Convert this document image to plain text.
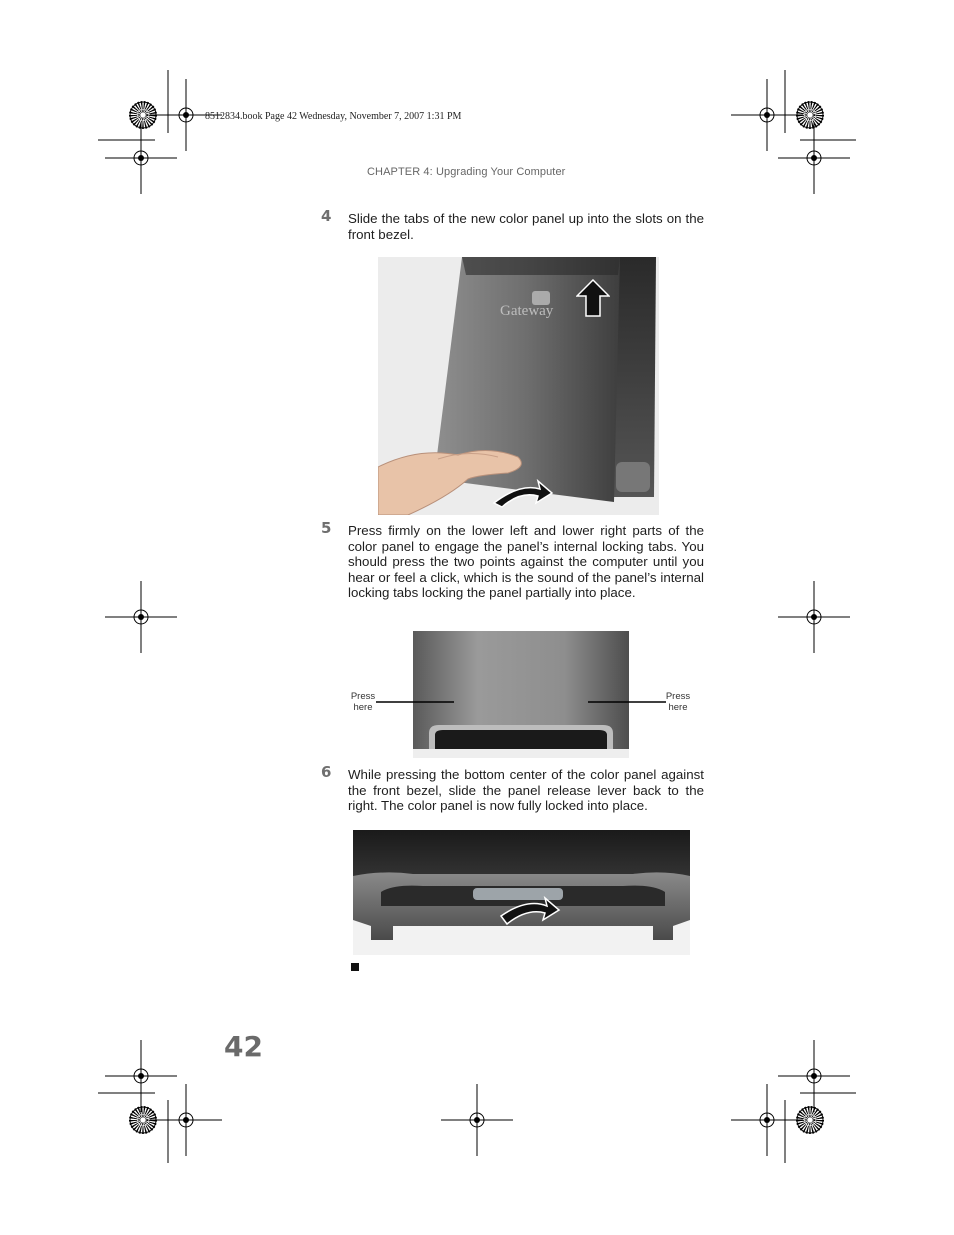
8512834.book Page 42 Wednesday, November 7, 2007 1:31 PM
CHAPTER 4: Upgrading Your Computer
4 Slide the tabs of the new color panel up into the slots on the front bezel.
Gateway
5 Press firmly on the lower left and lower right parts of the color panel to engage the panel’s internal locking tabs. You should press the two points against the computer until you hear or feel a click, which is the sound of the panel’s internal locking tabs locking the panel partially into place.
Press
here
Press
here
6 While pressing the bottom center of the color panel against the front bezel, slide the panel release lever back to the right. The color panel is now fully locked into place.
42
